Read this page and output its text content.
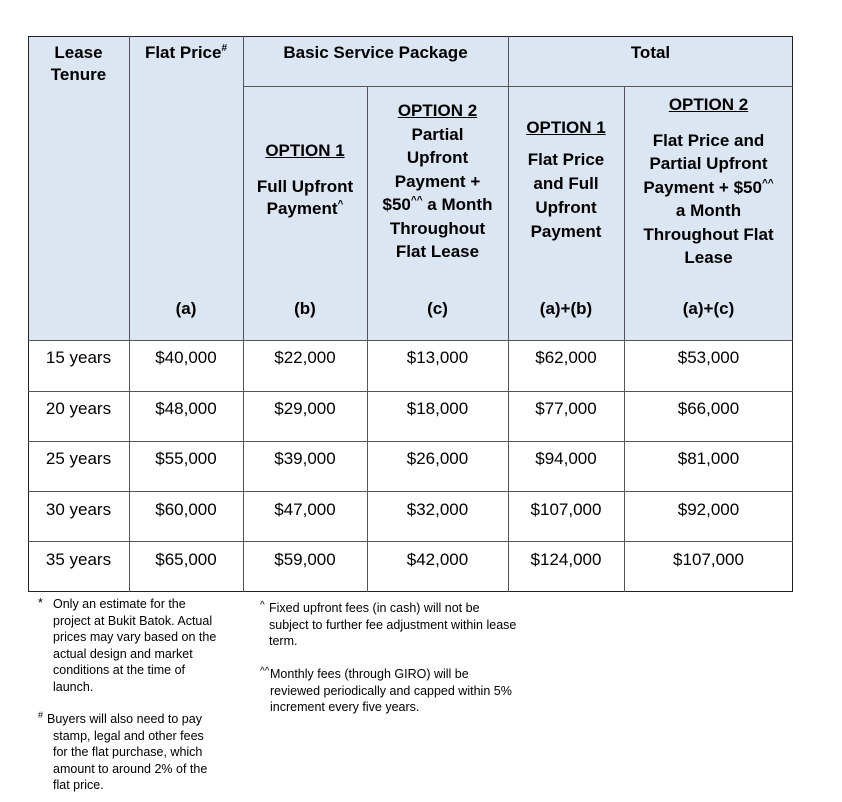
Lease
Tenure
Flat Price#	Basic Service Package	Total
OPTION 1
Full Upfront
Payment^
OPTION 2
Partial
Upfront
Payment +
$50^^ a Month
Throughout
Flat Lease
OPTION 1
Flat Price
and Full
Upfront
Payment
OPTION 2
Flat Price and
Partial Upfront
Payment + $50^^
a Month
Throughout Flat
Lease
(a)	(b)	(c)	(a)+(b)	(a)+(c)
15 years	$40,000	$22,000	$13,000	$62,000	$53,000
20 years	$48,000	$29,000	$18,000	$77,000	$66,000
25 years	$55,000	$39,000	$26,000	$94,000	$81,000
30 years	$60,000	$47,000	$32,000	$107,000	$92,000
35 years	$65,000	$59,000	$42,000	$124,000	$107,000
* Only an estimate for the
project at Bukit Batok. Actual
prices may vary based on the
actual design and market
conditions at the time of
launch.
# Buyers will also need to pay
stamp, legal and other fees
for the flat purchase, which
amount to around 2% of the
flat price.
^ Fixed upfront fees (in cash) will not be
subject to further fee adjustment within lease
term.
^^ Monthly fees (through GIRO) will be
reviewed periodically and capped within 5%
increment every five years.
